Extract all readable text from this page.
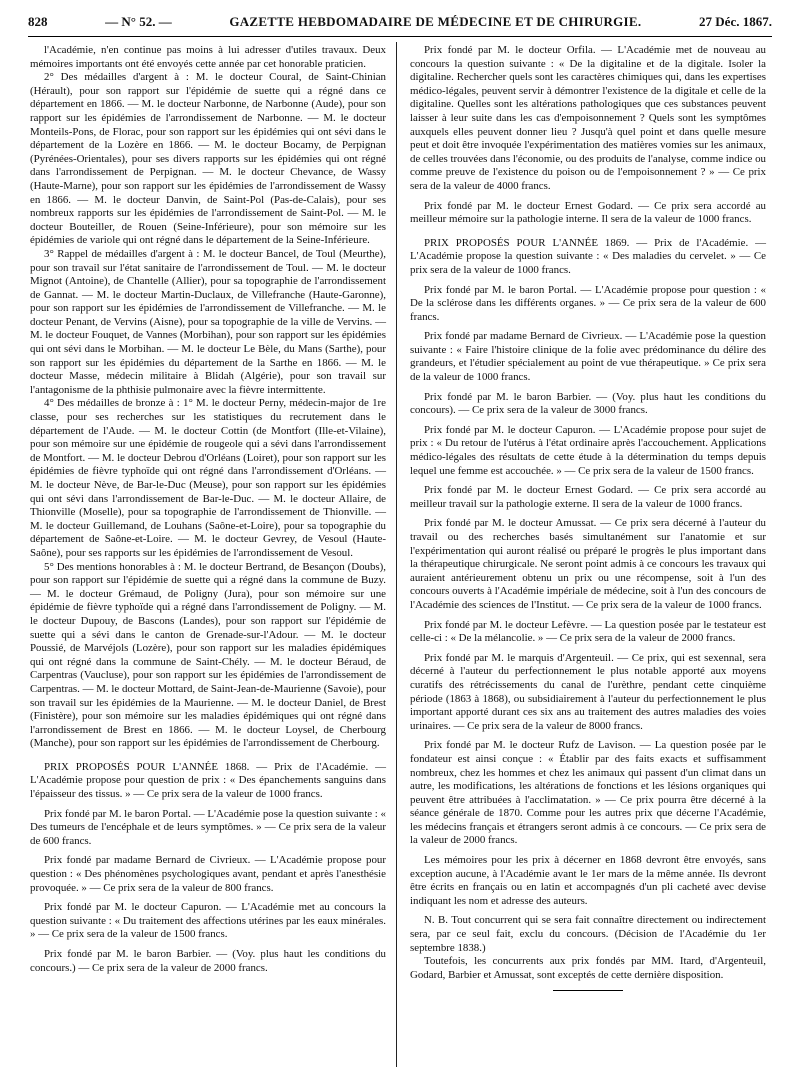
828	— N° 52. —	GAZETTE HEBDOMADAIRE DE MÉDECINE ET DE CHIRURGIE.	27 Déc. 1867.

l'Académie, n'en continue pas moins à lui adresser d'utiles travaux. Deux mémoires importants ont été envoyés cette année par cet honorable praticien.

2° Des médailles d'argent à : M. le docteur Coural, de Saint-Chinian (Hérault), pour son rapport sur l'épidémie de suette qui a régné dans ce département en 1866. — M. le docteur Narbonne, de Narbonne (Aude), pour son rapport sur les épidémies de l'arrondissement de Narbonne. — M. le docteur Monteils-Pons, de Florac, pour son rapport sur les épidémies qui ont sévi dans le département de la Lozère en 1866. — M. le docteur Bocamy, de Perpignan (Pyrénées-Orientales), pour ses divers rapports sur les épidémies qui ont régné dans l'arrondissement de Perpignan. — M. le docteur Chevance, de Wassy (Haute-Marne), pour son rapport sur les épidémies de l'arrondissement de Wassy en 1866. — M. le docteur Danvin, de Saint-Pol (Pas-de-Calais), pour ses nombreux rapports sur les épidémies de l'arrondissement de Saint-Pol. — M. le docteur Bouteiller, de Rouen (Seine-Inférieure), pour son mémoire sur les épidémies de variole qui ont régné dans le département de la Seine-Inférieure.

3° Rappel de médailles d'argent à : M. le docteur Bancel, de Toul (Meurthe), pour son travail sur l'état sanitaire de l'arrondissement de Toul. — M. le docteur Mignot (Antoine), de Chantelle (Allier), pour sa topographie de l'arrondissement de Gannat. — M. le docteur Martin-Duclaux, de Villefranche (Haute-Garonne), pour son rapport sur les épidémies de l'arrondissement de Villefranche. — M. le docteur Penant, de Vervins (Aisne), pour sa topographie de la ville de Vervins. — M. le docteur Fouquet, de Vannes (Morbihan), pour son rapport sur les épidémies qui ont sévi dans le Morbihan. — M. le docteur Le Bèle, du Mans (Sarthe), pour son rapport sur les épidémies du département de la Sarthe en 1866. — M. le docteur Masse, médecin militaire à Blidah (Algérie), pour son travail sur l'antagonisme de la phthisie pulmonaire avec la fièvre intermittente.

4° Des médailles de bronze à : 1° M. le docteur Perny, médecin-major de 1re classe, pour ses recherches sur les statistiques du recrutement dans le département de l'Aude. — M. le docteur Cottin (de Montfort (Ille-et-Vilaine), pour son mémoire sur une épidémie de rougeole qui a sévi dans l'arrondissement de Montfort. — M. le docteur Debrou d'Orléans (Loiret), pour son rapport sur les épidémies de fièvre typhoïde qui ont régné dans l'arrondissement d'Orléans. — M. le docteur Nève, de Bar-le-Duc (Meuse), pour son rapport sur les épidémies qui ont sévi dans l'arrondissement de Bar-le-Duc. — M. le docteur Allaire, de Thionville (Moselle), pour sa topographie de l'arrondissement de Thionville. — M. le docteur Guillemand, de Louhans (Saône-et-Loire), pour sa topographie du département de Saône-et-Loire. — M. le docteur Gevrey, de Vesoul (Haute-Saône), pour ses rapports sur les épidémies de l'arrondissement de Vesoul.

5° Des mentions honorables à : M. le docteur Bertrand, de Besançon (Doubs), pour son rapport sur l'épidémie de suette qui a régné dans la commune de Buzy. — M. le docteur Grémaud, de Poligny (Jura), pour son mémoire sur une épidémie de fièvre typhoïde qui a régné dans l'arrondissement de Poligny. — M. le docteur Dupouy, de Bascons (Landes), pour son rapport sur l'épidémie de suette qui a sévi dans le canton de Grenade-sur-l'Adour. — M. le docteur Poussié, de Marvéjols (Lozère), pour son rapport sur les maladies épidémiques qui ont régné dans la commune de Saint-Chély. — M. le docteur Béraud, de Carpentras (Vaucluse), pour son rapport sur les épidémies de l'arrondissement de Carpentras. — M. le docteur Mottard, de Saint-Jean-de-Maurienne (Savoie), pour son travail sur les épidémies de la Maurienne. — M. le docteur Daniel, de Brest (Finistère), pour son mémoire sur les maladies épidémiques qui ont régné dans l'arrondissement de Brest en 1866. — M. le docteur Loysel, de Cherbourg (Manche), pour son rapport sur les épidémies de l'arrondissement de Cherbourg.

PRIX PROPOSÉS POUR L'ANNÉE 1868. — Prix de l'Académie. — L'Académie propose pour question de prix : « Des épanchements sanguins dans l'épaisseur des tissus. » — Ce prix sera de la valeur de 1000 francs.

Prix fondé par M. le baron Portal. — L'Académie pose la question suivante : « Des tumeurs de l'encéphale et de leurs symptômes. » — Ce prix sera de la valeur de 600 francs.

Prix fondé par madame Bernard de Civrieux. — L'Académie propose pour question : « Des phénomènes psychologiques avant, pendant et après l'anesthésie provoquée. » — Ce prix sera de la valeur de 800 francs.

Prix fondé par M. le docteur Capuron. — L'Académie met au concours la question suivante : « Du traitement des affections utérines par les eaux minérales. » — Ce prix sera de la valeur de 1500 francs.

Prix fondé par M. le baron Barbier. — (Voy. plus haut les conditions du concours.) — Ce prix sera de la valeur de 2000 francs.

Prix fondé par M. le docteur Orfila. — L'Académie met de nouveau au concours la question suivante : « De la digitaline et de la digitale. Isoler la digitaline. Rechercher quels sont les caractères chimiques qui, dans les expertises médico-légales, peuvent servir à démontrer l'existence de la digitale et celle de la digitaline. Quelles sont les altérations pathologiques que ces substances peuvent laisser à leur suite dans les cas d'empoisonnement ? Quels sont les symptômes auxquels elles peuvent donner lieu ? Jusqu'à quel point et dans quelle mesure peut et doit être invoquée l'expérimentation des matières vomies sur les animaux, de celles trouvées dans l'économie, ou des produits de l'analyse, comme indice ou comme preuve de l'existence du poison ou de l'empoisonnement ? » — Ce prix sera de la valeur de 4000 francs.

Prix fondé par M. le docteur Ernest Godard. — Ce prix sera accordé au meilleur mémoire sur la pathologie interne. Il sera de la valeur de 1000 francs.

PRIX PROPOSÉS POUR L'ANNÉE 1869. — Prix de l'Académie. — L'Académie propose la question suivante : « Des maladies du cervelet. » — Ce prix sera de la valeur de 1000 francs.

Prix fondé par M. le baron Portal. — L'Académie propose pour question : « De la sclérose dans les différents organes. » — Ce prix sera de la valeur de 600 francs.

Prix fondé par madame Bernard de Civrieux. — L'Académie pose la question suivante : « Faire l'histoire clinique de la folie avec prédominance du délire des grandeurs, et l'étudier spécialement au point de vue thérapeutique. » Ce prix sera de la valeur de 1000 francs.

Prix fondé par M. le baron Barbier. — (Voy. plus haut les conditions du concours). — Ce prix sera de la valeur de 3000 francs.

Prix fondé par M. le docteur Capuron. — L'Académie propose pour sujet de prix : « Du retour de l'utérus à l'état ordinaire après l'accouchement. Applications médico-légales des résultats de cette étude à la détermination du temps depuis lequel une femme est accouchée. » — Ce prix sera de la valeur de 1500 francs.

Prix fondé par M. le docteur Ernest Godard. — Ce prix sera accordé au meilleur travail sur la pathologie externe. Il sera de la valeur de 1000 francs.

Prix fondé par M. le docteur Amussat. — Ce prix sera décerné à l'auteur du travail ou des recherches basés simultanément sur l'anatomie et sur l'expérimentation qui auront réalisé ou préparé le progrès le plus important dans la thérapeutique chirurgicale. Ne seront point admis à ce concours les travaux qui auraient antérieurement obtenu un prix ou une récompense, soit à l'un des concours ouverts à l'Académie impériale de médecine, soit à l'un des concours de l'Académie des sciences de l'Institut. — Ce prix sera de la valeur de 1000 francs.

Prix fondé par M. le docteur Lefèvre. — La question posée par le testateur est celle-ci : « De la mélancolie. » — Ce prix sera de la valeur de 2000 francs.

Prix fondé par M. le marquis d'Argenteuil. — Ce prix, qui est sexennal, sera décerné à l'auteur du perfectionnement le plus notable apporté aux moyens curatifs des rétrécissements du canal de l'urèthre, pendant cette cinquième période (1863 à 1868), ou subsidiairement à l'auteur du perfectionnement le plus important apporté durant ces six ans au traitement des autres maladies des voies urinaires. — Ce prix sera de la valeur de 8000 francs.

Prix fondé par M. le docteur Rufz de Lavison. — La question posée par le fondateur est ainsi conçue : « Établir par des faits exacts et suffisamment nombreux, chez les hommes et chez les animaux qui passent d'un climat dans un autre, les modifications, les altérations de fonctions et les lésions organiques qui peuvent être attribuées à l'acclimatation. » — Ce prix pourra être décerné à la séance générale de 1870. Comme pour les autres prix que décerne l'Académie, les médecins français et étrangers seront admis à ce concours. — Ce prix sera de la valeur de 2000 francs.

Les mémoires pour les prix à décerner en 1868 devront être envoyés, sans exception aucune, à l'Académie avant le 1er mars de la même année. Ils devront être écrits en français ou en latin et accompagnés d'un pli cacheté avec devise indiquant les nom et adresse des auteurs.

N. B. Tout concurrent qui se sera fait connaître directement ou indirectement sera, par ce seul fait, exclu du concours. (Décision de l'Académie du 1er septembre 1838.)

Toutefois, les concurrents aux prix fondés par MM. Itard, d'Argenteuil, Godard, Barbier et Amussat, sont exceptés de cette dernière disposition.
